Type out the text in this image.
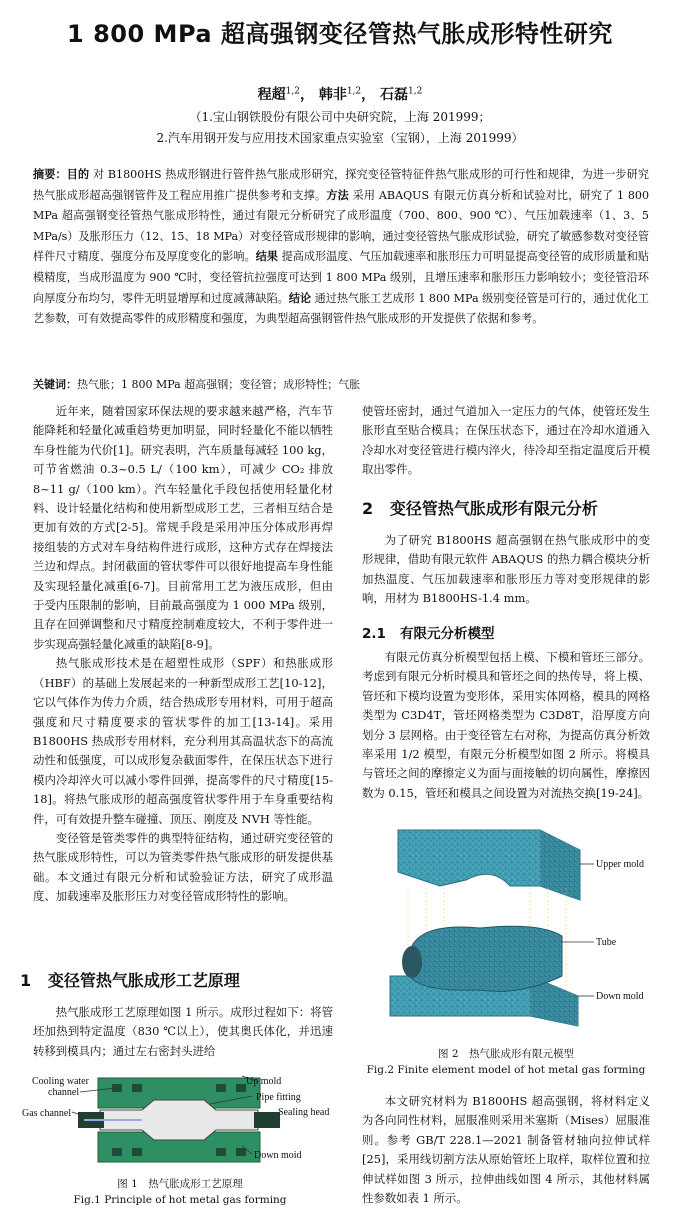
1 800 MPa 超高强钢变径管热气胀成形特性研究
程超$^{1,2}$， 韩非$^{1,2}$， 石磊$^{1,2}$
（1.宝山钢铁股份有限公司中央研究院，上海 201999；
2.汽车用钢开发与应用技术国家重点实验室（宝钢），上海 201999）
摘要：目的 对 B1800HS 热成形钢进行管件热气胀成形研究，探究变径管特征件热气胀成形的可行性和规律，为进一步研究热气胀成形超高强钢管件及工程应用推广提供参考和支撑。方法 采用 ABAQUS 有限元仿真分析和试验对比，研究了 1 800 MPa 超高强钢变径管热气胀成形特性，通过有限元分析研究了成形温度（700、800、900 ℃）、气压加载速率（1、3、5 MPa/s）及胀形压力（12、15、18 MPa）对变径管成形规律的影响，通过变径管热气胀成形试验，研究了敏感参数对变径管样件尺寸精度、强度分布及厚度变化的影响。结果 提高成形温度、气压加载速率和胀形压力可明显提高变径管的成形质量和贴模精度，当成形温度为 900 ℃时，变径管抗拉强度可达到 1 800 MPa 级别，且增压速率和胀形压力影响较小；变径管沿环向厚度分布均匀，零件无明显增厚和过度减薄缺陷。结论 通过热气胀工艺成形 1 800 MPa 级别变径管是可行的，通过优化工艺参数，可有效提高零件的成形精度和强度，为典型超高强钢管件热气胀成形的开发提供了依据和参考。
关键词：热气胀；1 800 MPa 超高强钢；变径管；成形特性；气胀

近年来，随着国家环保法规的要求越来越严格，汽车节能降耗和轻量化减重趋势更加明显，同时轻量化不能以牺牲车身性能为代价[1]。研究表明，汽车质量每减轻 100 kg，可节省燃油 0.3~0.5 L/（100 km），可减少 CO₂ 排放 8~11 g/（100 km）。汽车轻量化手段包括使用轻量化材料、设计轻量化结构和使用新型成形工艺，三者相互结合是更加有效的方式[2-5]。常规手段是采用冲压分体成形再焊接组装的方式对车身结构件进行成形，这种方式存在焊接法兰边和焊点。封闭截面的管状零件可以很好地提高车身性能及实现轻量化减重[6-7]。目前常用工艺为液压成形，但由于受内压限制的影响，目前最高强度为 1 000 MPa 级别，且存在回弹调整和尺寸精度控制难度较大，不利于零件进一步实现高强轻量化减重的缺陷[8-9]。

热气胀成形技术是在超塑性成形（SPF）和热胀成形（HBF）的基础上发展起来的一种新型成形工艺[10-12]，它以气体作为传力介质，结合热成形专用材料，可用于超高强度和尺寸精度要求的管状零件的加工[13-14]。采用 B1800HS 热成形专用材料，充分利用其高温状态下的高流动性和低强度，可以成形复杂截面零件，在保压状态下进行模内冷却淬火可以减小零件回弹，提高零件的尺寸精度[15-18]。将热气胀成形的超高强度管状零件用于车身重要结构件，可有效提升整车碰撞、顶压、刚度及 NVH 等性能。

变径管是管类零件的典型特征结构，通过研究变径管的热气胀成形特性，可以为管类零件热气胀成形的研发提供基础。本文通过有限元分析和试验验证方法，研究了成形温度、加载速率及胀形压力对变径管成形特性的影响。

1 变径管热气胀成形工艺原理

热气胀成形工艺原理如图 1 所示。成形过程如下：将管坯加热到特定温度（830 ℃以上），使其奥氏体化，并迅速转移到模具内；通过左右密封头进给

Cooling water
channel
Gas channel
Up mold
Pipe fitting
Sealing head
Down moid
图 1　热气胀成形工艺原理
Fig.1 Principle of hot metal gas forming

使管坯密封，通过气道加入一定压力的气体，使管坯发生胀形直至贴合模具；在保压状态下，通过在冷却水道通入冷却水对变径管进行模内淬火，待冷却至指定温度后开模取出零件。

2 变径管热气胀成形有限元分析

为了研究 B1800HS 超高强钢在热气胀成形中的变形规律，借助有限元软件 ABAQUS 的热力耦合模块分析加热温度、气压加载速率和胀形压力等对变形规律的影响，用材为 B1800HS-1.4 mm。

2.1 有限元分析模型

有限元仿真分析模型包括上模、下模和管坯三部分。考虑到有限元分析时模具和管坯之间的热传导，将上模、管坯和下模均设置为变形体，采用实体网格，模具的网格类型为 C3D4T，管坯网格类型为 C3D8T，沿厚度方向划分 3 层网格。由于变径管左右对称，为提高仿真分析效率采用 1/2 模型，有限元分析模型如图 2 所示。将模具与管坯之间的摩擦定义为面与面接触的切向属性，摩擦因数为 0.15，管坯和模具之间设置为对流热交换[19-24]。

Upper mold
Tube
Down mold
图 2　热气胀成形有限元模型
Fig.2 Finite element model of hot metal gas forming

本文研究材料为 B1800HS 超高强钢，将材料定义为各向同性材料，屈服准则采用米塞斯（Mises）屈服准则。参考 GB/T 228.1—2021 制备管材轴向拉伸试样[25]，采用线切割方法从原始管坯上取样，取样位置和拉伸试样如图 3 所示，拉伸曲线如图 4 所示，其他材料属性参数如表 1 所示。
